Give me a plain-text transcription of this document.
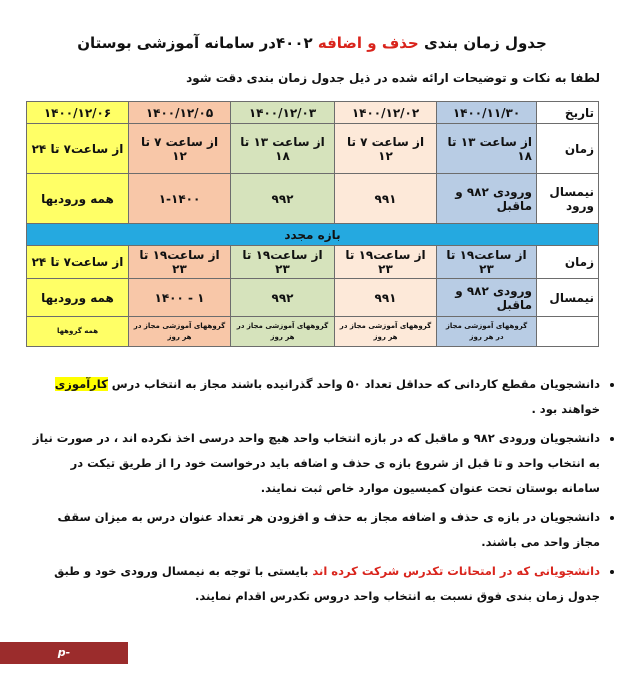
جدول زمان بندی حذف و اضافه ۴۰۰۲در سامانه آموزشی بوستان
لطفا به نکات و توضیحات ارائه شده در ذیل جدول زمان بندی دقت شود
تاریخ	۱۴۰۰/۱۱/۳۰	۱۴۰۰/۱۲/۰۲	۱۴۰۰/۱۲/۰۳	۱۴۰۰/۱۲/۰۵	۱۴۰۰/۱۲/۰۶
زمان	از ساعت ۱۳ تا ۱۸	از ساعت ۷ تا ۱۲	از ساعت ۱۳ تا ۱۸	از ساعت ۷ تا ۱۲	از ساعت۷ تا ۲۴
نیمسال ورود	ورودی ۹۸۲ و ماقبل	۹۹۱	۹۹۲	۱-۱۴۰۰	همه ورودیها
بازه مجدد					
زمان	از ساعت۱۹ تا ۲۳	از ساعت۱۹ تا ۲۳	از ساعت۱۹ تا ۲۳	از ساعت۱۹ تا ۲۳	از ساعت۷ تا ۲۴
نیمسال	ورودی ۹۸۲ و ماقبل	۹۹۱	۹۹۲	۱ - ۱۴۰۰	همه ورودیها
	گروههای آموزشی مجاز در هر روز	گروههای آموزشی مجاز در هر روز	گروههای آموزشی مجاز در هر روز	گروههای آموزشی مجاز در هر روز	همه گروهها
• دانشجویان مقطع کاردانی که حداقل تعداد ۵۰ واحد گذرانیده باشند مجاز به انتخاب درس کارآموزی خواهند بود .
• دانشجویان ورودی ۹۸۲ و ماقبل که در بازه انتخاب واحد هیچ واحد درسی اخذ نکرده اند ، در صورت نیاز به انتخاب واحد و تا قبل از شروع بازه ی حذف و اضافه باید درخواست خود را از طریق تیکت در سامانه بوستان تحت عنوان کمیسیون موارد خاص ثبت نمایند.
• دانشجویان در بازه ی حذف و اضافه مجاز به حذف و افزودن هر تعداد عنوان درس به میزان سقف مجاز واحد می باشند.
• دانشجویانی که در امتحانات تکدرس شرکت کرده اند بایستی با توجه به نیمسال ورودی خود و طبق جدول زمان بندی فوق نسبت به انتخاب واحد دروس تکدرس اقدام نمایند.
p-safadasht.tvu.ac.ir
